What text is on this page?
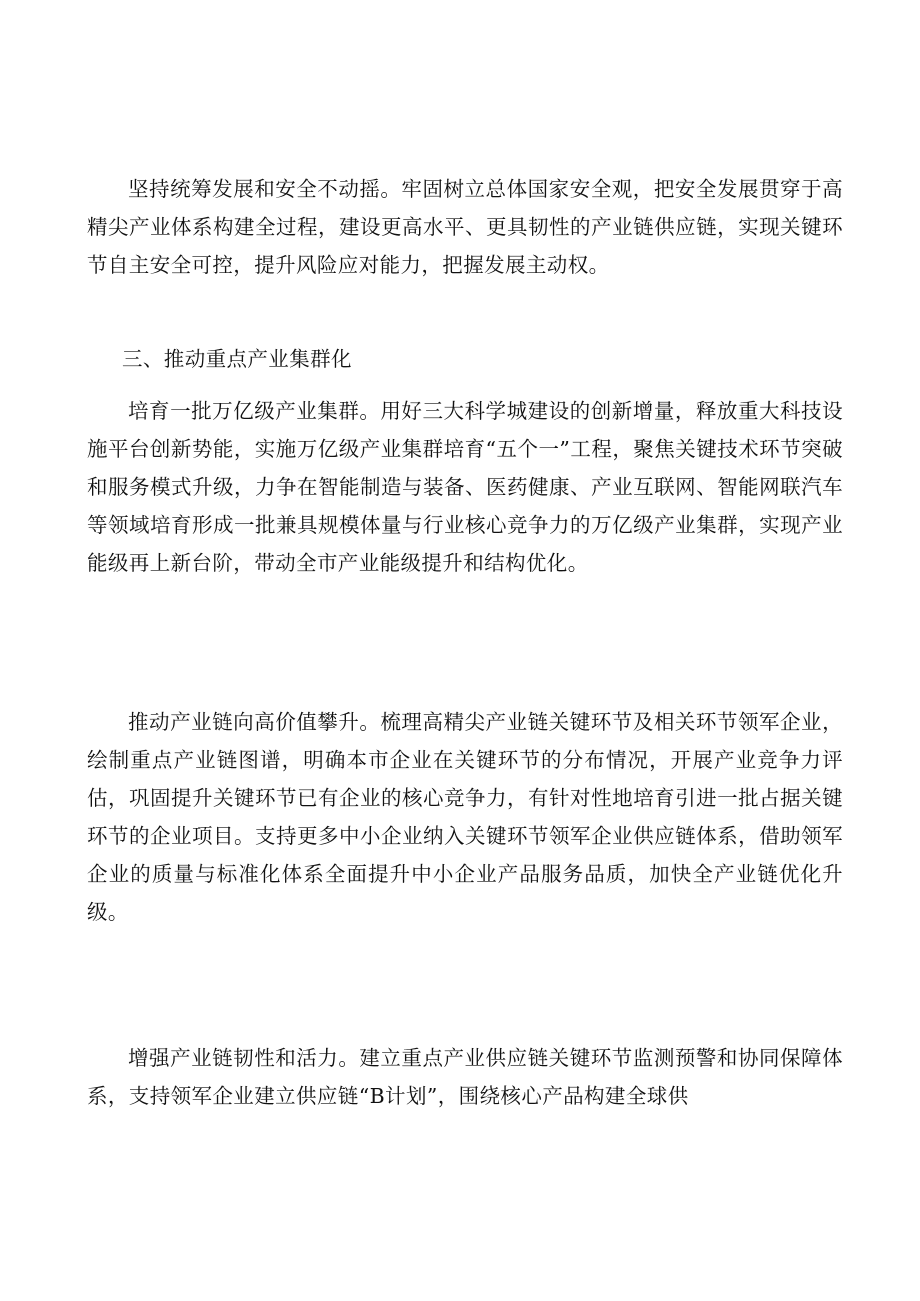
坚持统筹发展和安全不动摇。牢固树立总体国家安全观，把安全发展贯穿于高精尖产业体系构建全过程，建设更高水平、更具韧性的产业链供应链，实现关键环节自主安全可控，提升风险应对能力，把握发展主动权。

三、推动重点产业集群化

培育一批万亿级产业集群。用好三大科学城建设的创新增量，释放重大科技设施平台创新势能，实施万亿级产业集群培育“五个一”工程，聚焦关键技术环节突破和服务模式升级，力争在智能制造与装备、医药健康、产业互联网、智能网联汽车等领域培育形成一批兼具规模体量与行业核心竞争力的万亿级产业集群，实现产业能级再上新台阶，带动全市产业能级提升和结构优化。

推动产业链向高价值攀升。梳理高精尖产业链关键环节及相关环节领军企业，绘制重点产业链图谱，明确本市企业在关键环节的分布情况，开展产业竞争力评估，巩固提升关键环节已有企业的核心竞争力，有针对性地培育引进一批占据关键环节的企业项目。支持更多中小企业纳入关键环节领军企业供应链体系，借助领军企业的质量与标准化体系全面提升中小企业产品服务品质，加快全产业链优化升级。

增强产业链韧性和活力。建立重点产业供应链关键环节监测预警和协同保障体系，支持领军企业建立供应链“B计划”，围绕核心产品构建全球供
